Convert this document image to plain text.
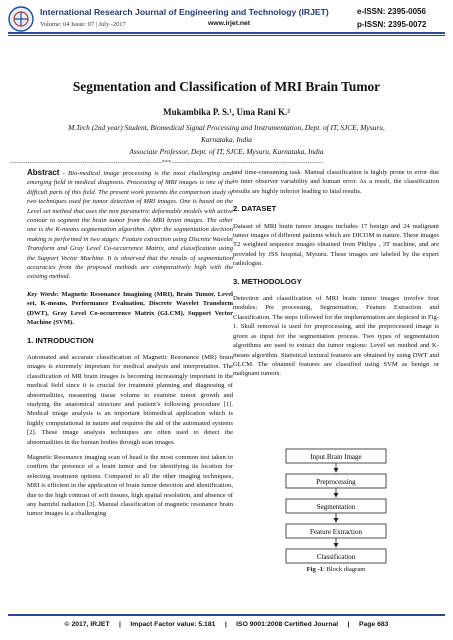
International Research Journal of Engineering and Technology (IRJET)	e-ISSN: 2395-0056
Volume: 04 Issue: 07 | July -2017	www.irjet.net	p-ISSN: 2395-0072
Segmentation and Classification of MRI Brain Tumor
Mukambika P. S.¹, Uma Rani K.²
M.Tech (2nd year) Student, Biomedical Signal Processing and Instrumentation, Dept. of IT, SJCE, Mysuru,
Karnataka, India
Associate Professor, Dept. of IT, SJCE, Mysuru, Karnataka, India
---------------------------------------------------------------------***---------------------------------------------------------------------

Abstract - Bio-medical image processing is the most challenging and emerging field in medical diagnosis. Processing of MRI images is one of the difficult parts of this field. The present work presents the comparison study of two techniques used for tumor detection of MRI images. One is based on the Level set method that uses the non parametric deformable models with active contour to segment the brain tumor from the MRI brain images. The other one is the K-means segmentation algorithm. After the segmentation decision making is performed in two stages: Feature extraction using Discrete Wavelet Transform and Gray Level Co-occurrence Matrix, and classification using the Support Vector Machine. It is observed that the results of segmentation accuracies from the proposed methods are comparatively high with the existing method.

Key Words: Magnetic Resonance Imagining (MRI), Brain Tumor, Level set, K-means, Performance Evaluation, Discrete Wavelet Transform (DWT), Gray Level Co-occurrence Matrix (GLCM), Support Vector Machine (SVM).

1. INTRODUCTION

Automated and accurate classification of Magnetic Resonance (MR) brain images is extremely important for medical analysis and interpretation. The classification of MR brain images is becoming increasingly important in the medical field since it is crucial for treatment planning and diagnosing of abnormalities, measuring tissue volume to examine tumor growth and studying the anatomical structure and patient’s following procedure [1]. Medical image analysis is an important biomedical application which is highly computational in nature and requires the aid of the automated systems [2]. These image analysis techniques are often used to detect the abnormalities in the human bodies through scan images.

Magnetic Resonance imaging scan of head is the most common test taken to confirm the presence of a brain tumor and for identifying its location for selecting treatment options. Compared to all the other imaging techniques, MRI is efficient in the application of brain tumor detection and identification, due to the high contrast of soft tissues, high spatial resolution, and absence of any harmful radiation [3]. Manual classification of magnetic resonance brain tumor images is a challenging

and time-consuming task. Manual classification is highly prone to error due to inter observer variability and human error. As a result, the classification results are highly inferior leading to fatal results.

2. DATASET

Dataset of MRI brain tumor images includes 17 benign and 24 malignant tumor images of different patients which are DICOM in nature. These images T2 weighted sequence images obtained from Philips , 3T machine, and are provided by JSS hospital, Mysuru. These images are labeled by the expert radiologist.

3. METHODOLOGY

Detection and classification of MRI brain tumor images involve four modules: Pre processing, Segmentation, Feature Extraction and Classification. The steps followed for the implementation are depicted in Fig-1. Skull removal is used for preprocessing, and the preprocessed image is given as input for the segmentation process. Two types of segmentation algorithms are used to extract the tumor regions: Level set method and K-means algorithm. Statistical textural features are obtained by using DWT and GLCM. The obtained features are classified using SVM as benign or malignant tumors.

Input Brain Image
Preprocessing
Segmentation
Feature Extraction
Classification
Fig -1: Block diagram
© 2017, IRJET     |     Impact Factor value: 5.181     |     ISO 9001:2008 Certified Journal     |     Page 683
